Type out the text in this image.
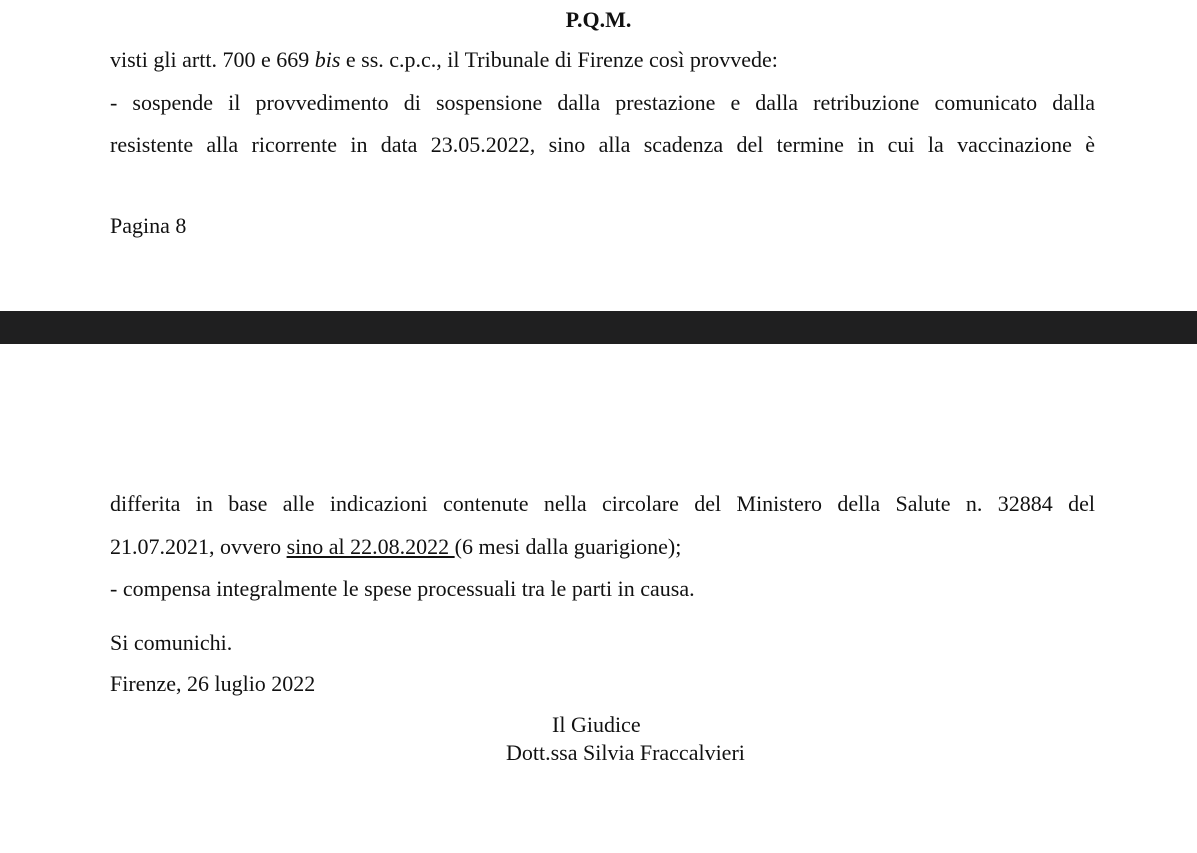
P.Q.M.
visti gli artt. 700 e 669 bis e ss. c.p.c., il Tribunale di Firenze così provvede:
- sospende il provvedimento di sospensione dalla prestazione e dalla retribuzione comunicato dalla
resistente alla ricorrente in data 23.05.2022, sino alla scadenza del termine in cui la vaccinazione è
Pagina 8
differita in base alle indicazioni contenute nella circolare del Ministero della Salute n. 32884 del
21.07.2021, ovvero sino al 22.08.2022 (6 mesi dalla guarigione);
- compensa integralmente le spese processuali tra le parti in causa.
Si comunichi.
Firenze, 26 luglio 2022
Il Giudice
Dott.ssa Silvia Fraccalvieri
